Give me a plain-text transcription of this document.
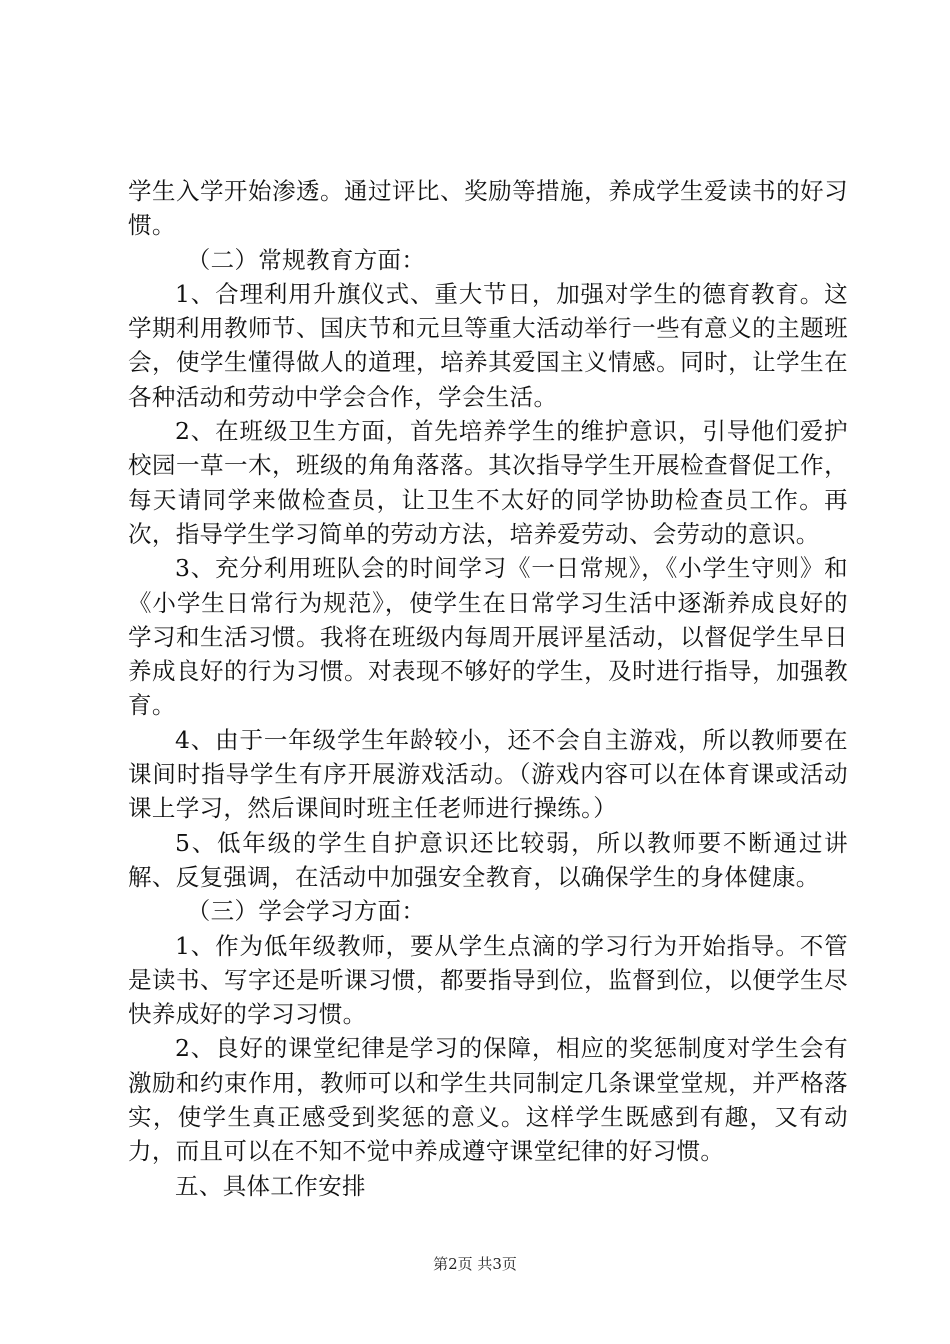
学生入学开始渗透。通过评比、奖励等措施，养成学生爱读书的好习惯。

（二）常规教育方面：

1、合理利用升旗仪式、重大节日，加强对学生的德育教育。这学期利用教师节、国庆节和元旦等重大活动举行一些有意义的主题班会，使学生懂得做人的道理，培养其爱国主义情感。同时，让学生在各种活动和劳动中学会合作，学会生活。

2、在班级卫生方面，首先培养学生的维护意识，引导他们爱护校园一草一木，班级的角角落落。其次指导学生开展检查督促工作，每天请同学来做检查员，让卫生不太好的同学协助检查员工作。再次，指导学生学习简单的劳动方法，培养爱劳动、会劳动的意识。

3、充分利用班队会的时间学习《一日常规》，《小学生守则》和《小学生日常行为规范》，使学生在日常学习生活中逐渐养成良好的学习和生活习惯。我将在班级内每周开展评星活动，以督促学生早日养成良好的行为习惯。对表现不够好的学生，及时进行指导，加强教育。

4、由于一年级学生年龄较小，还不会自主游戏，所以教师要在课间时指导学生有序开展游戏活动。（游戏内容可以在体育课或活动课上学习，然后课间时班主任老师进行操练。）

5、低年级的学生自护意识还比较弱，所以教师要不断通过讲解、反复强调，在活动中加强安全教育，以确保学生的身体健康。

（三）学会学习方面：

1、作为低年级教师，要从学生点滴的学习行为开始指导。不管是读书、写字还是听课习惯，都要指导到位，监督到位，以便学生尽快养成好的学习习惯。

2、良好的课堂纪律是学习的保障，相应的奖惩制度对学生会有激励和约束作用，教师可以和学生共同制定几条课堂堂规，并严格落实，使学生真正感受到奖惩的意义。这样学生既感到有趣，又有动力，而且可以在不知不觉中养成遵守课堂纪律的好习惯。

五、具体工作安排

第2页 共3页
